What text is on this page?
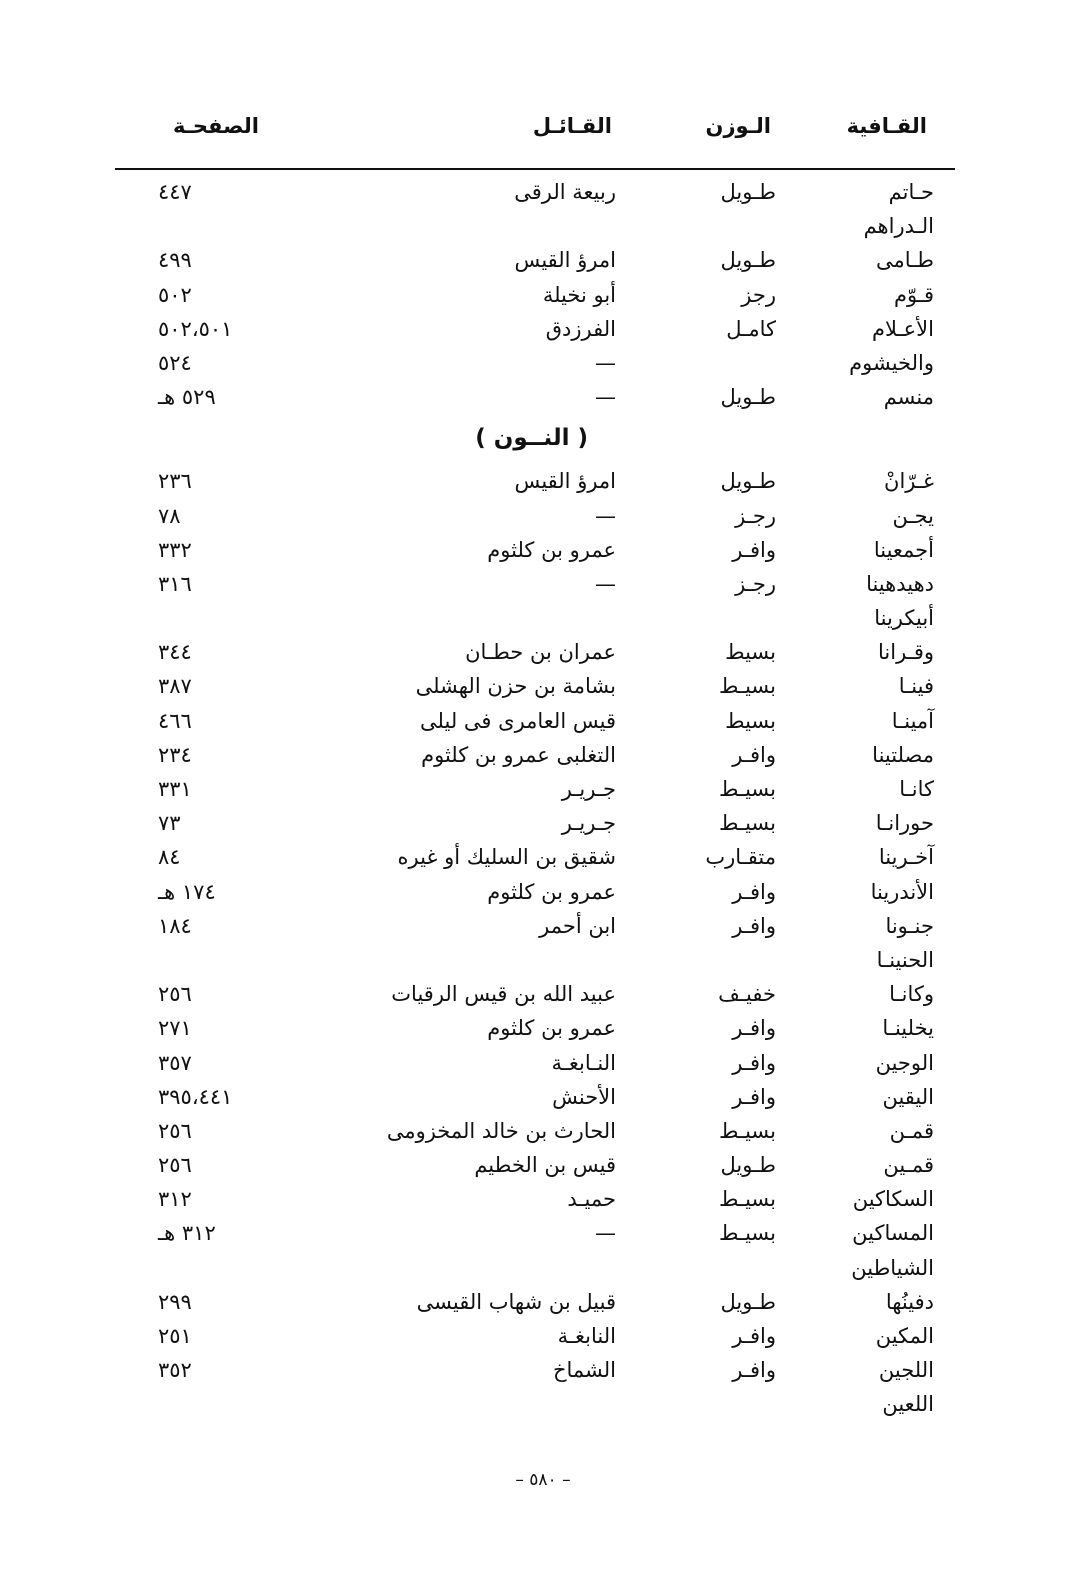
القـافية
الـوزن
القـائـل
الصفحـة
حـاتم
طـويل
ربيعة الرقى
٤٤٧
الـدراهم
طـامى
طـويل
امرؤ القيس
٤٩٩
قـوّم
رجز
أبو نخيلة
٥٠٢
الأعـلام
كامـل
الفرزدق
٥٠٢،٥٠١
والخيشوم
—
٥٢٤
منسم
طـويل
—
٥٢٩ هـ
( النــون )
غـرّانْ
طـويل
امرؤ القيس
٢٣٦
يجـن
رجـز
—
٧٨
أجمعينا
وافـر
عمرو بن كلثوم
٣٣٢
دهيدهينا
رجـز
—
٣١٦
أبيكرينا
وقـرانا
بسيط
عمران بن حطـان
٣٤٤
فينـا
بسيـط
بشامة بن حزن الهشلى
٣٨٧
آمينـا
بسيط
قيس العامرى فى ليلى
٤٦٦
مصلتينا
وافـر
التغلبى عمرو بن كلثوم
٢٣٤
كانـا
بسيـط
جـريـر
٣٣١
حورانـا
بسيـط
جـريـر
٧٣
آخـرينا
متقـارب
شقيق بن السليك أو غيره
٨٤
الأندرينا
وافـر
عمرو بن كلثوم
١٧٤ هـ
جنـونا
وافـر
ابن أحمر
١٨٤
الحنينـا
وكانـا
خفيـف
عبيد الله بن قيس الرقيات
٢٥٦
يخلينـا
وافـر
عمرو بن كلثوم
٢٧١
الوجين
وافـر
النـابغـة
٣٥٧
اليقين
وافـر
الأحنش
٣٩٥،٤٤١
قمـن
بسيـط
الحارث بن خالد المخزومى
٢٥٦
قمـين
طـويل
قيس بن الخطيم
٢٥٦
السكاكين
بسيـط
حميـد
٣١٢
المساكين
بسيـط
—
٣١٢ هـ
الشياطين
دفينُها
طـويل
قبيل بن شهاب القيسى
٢٩٩
المكين
وافـر
النابغـة
٢٥١
اللجين
وافـر
الشماخ
٣٥٢
اللعين
– ٥٨٠ –
